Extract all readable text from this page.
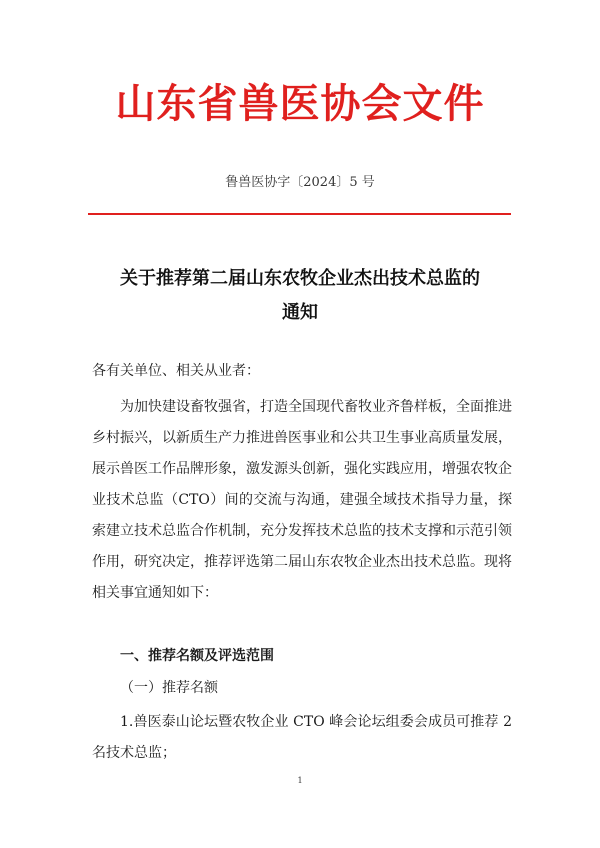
山东省兽医协会文件
鲁兽医协字〔2024〕5 号
关于推荐第二届山东农牧企业杰出技术总监的
通知
各有关单位、相关从业者：
为加快建设畜牧强省，打造全国现代畜牧业齐鲁样板，全面推进乡村振兴，以新质生产力推进兽医事业和公共卫生事业高质量发展，展示兽医工作品牌形象，激发源头创新，强化实践应用，增强农牧企业技术总监（CTO）间的交流与沟通，建强全域技术指导力量，探索建立技术总监合作机制，充分发挥技术总监的技术支撑和示范引领作用，研究决定，推荐评选第二届山东农牧企业杰出技术总监。现将相关事宜通知如下：
一、推荐名额及评选范围
（一）推荐名额
1.兽医泰山论坛暨农牧企业 CTO 峰会论坛组委会成员可推荐 2 名技术总监；
1
